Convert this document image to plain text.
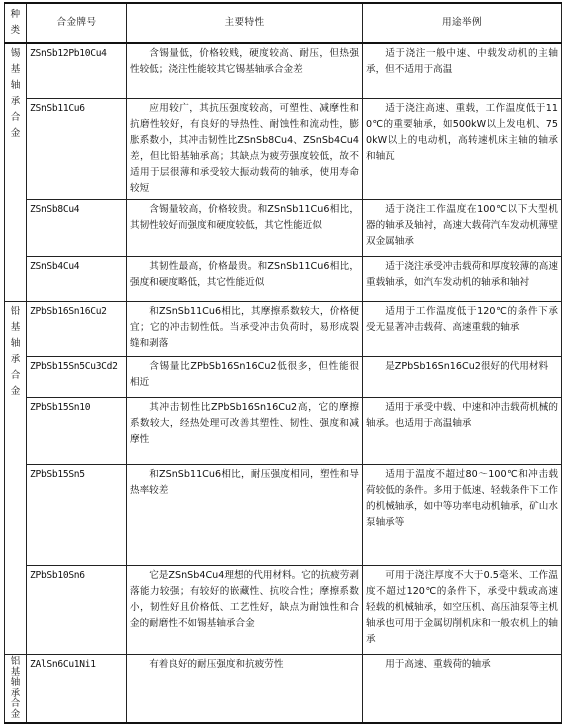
种类	合金牌号	主要特性	用途举例

锡基轴承合金	ZSnSb12Pb10Cu4	含锡量低，价格较贱，硬度较高、耐压，但热强性较低；浇注性能较其它锡基轴承合金差	适于浇注一般中速、中载发动机的主轴承，但不适用于高温
	ZSnSb11Cu6	应用较广，其抗压强度较高，可塑性、减摩性和抗磨性较好，有良好的导热性、耐蚀性和流动性，膨胀系数小，其冲击韧性比ZSnSb8Cu4、ZSnSb4Cu4差，但比铅基轴承高；其缺点为疲劳强度较低，故不适用于层很薄和承受较大振动载荷的轴承，使用寿命较短	适于浇注高速、重载，工作温度低于110℃的重要轴承，如500kW以上发电机、750kW以上的电动机，高转速机床主轴的轴承和轴瓦
	ZSnSb8Cu4	含锡量较高，价格较贵。和ZSnSb11Cu6相比，其韧性较好而强度和硬度较低，其它性能近似	适于浇注工作温度在100℃以下大型机器的轴承及轴衬，高速大载荷汽车发动机薄壁双金属轴承
	ZSnSb4Cu4	其韧性最高，价格最贵。和ZSnSb11Cu6相比，强度和硬度略低，其它性能近似	适于浇注承受冲击载荷和厚度较薄的高速重载轴承，如汽车发动机的轴承和轴衬

铅基轴承合金	ZPbSb16Sn16Cu2	和ZSnSb11Cu6相比，其摩擦系数较大，价格便宜；它的冲击韧性低。当承受冲击负荷时，易形成裂缝和剥落	适用于工作温度低于120℃的条件下承受无显著冲击载荷、高速重载的轴承
	ZPbSb15Sn5Cu3Cd2	含锡量比ZPbSb16Sn16Cu2低很多，但性能很相近	是ZPbSb16Sn16Cu2很好的代用材料
	ZPbSb15Sn10	其冲击韧性比ZPbSb16Sn16Cu2高，它的摩擦系数较大，经热处理可改善其塑性、韧性、强度和减摩性	适用于承受中载、中速和冲击载荷机械的轴承。也适用于高温轴承
	ZPbSb15Sn5	和ZSnSb11Cu6相比，耐压强度相同，塑性和导热率较差	适用于温度不超过80～100℃和冲击载荷较低的条件。多用于低速、轻载条件下工作的机械轴承，如中等功率电动机轴承，矿山水泵轴承等
	ZPbSb10Sn6	它是ZSnSb4Cu4理想的代用材料。它的抗疲劳剥落能力较强；有较好的嵌藏性、抗咬合性；摩擦系数小，韧性好且价格低、工艺性好，缺点为耐蚀性和合金的耐磨性不如锡基轴承合金	可用于浇注厚度不大于0.5毫米、工作温度不超过120℃的条件下，承受中载或高速轻载的机械轴承，如空压机、高压油泵等主机轴承也可用于金属切削机床和一般农机上的轴承

铝基轴承合金	ZAlSn6Cu1Ni1	有着良好的耐压强度和抗疲劳性	用于高速、重载荷的轴承
